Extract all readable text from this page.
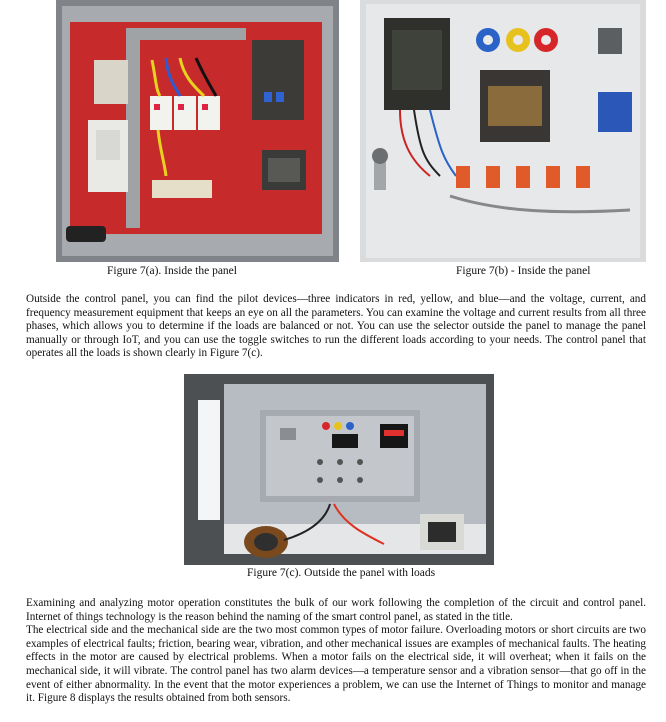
Figure 7(a). Inside the panel	Figure 7(b) - Inside the panel

Outside the control panel, you can find the pilot devices—three indicators in red, yellow, and blue—and the voltage, current, and frequency measurement equipment that keeps an eye on all the parameters. You can examine the voltage and current results from all three phases, which allows you to determine if the loads are balanced or not. You can use the selector outside the panel to manage the panel manually or through IoT, and you can use the toggle switches to run the different loads according to your needs. The control panel that operates all the loads is shown clearly in Figure 7(c).

Figure 7(c). Outside the panel with loads

Examining and analyzing motor operation constitutes the bulk of our work following the completion of the circuit and control panel. Internet of things technology is the reason behind the naming of the smart control panel, as stated in the title.

The electrical side and the mechanical side are the two most common types of motor failure. Overloading motors or short circuits are two examples of electrical faults; friction, bearing wear, vibration, and other mechanical issues are examples of mechanical faults. The heating effects in the motor are caused by electrical problems. When a motor fails on the electrical side, it will overheat; when it fails on the mechanical side, it will vibrate. The control panel has two alarm devices—a temperature sensor and a vibration sensor—that go off in the event of either abnormality. In the event that the motor experiences a problem, we can use the Internet of Things to monitor and manage it. Figure 8 displays the results obtained from both sensors.
